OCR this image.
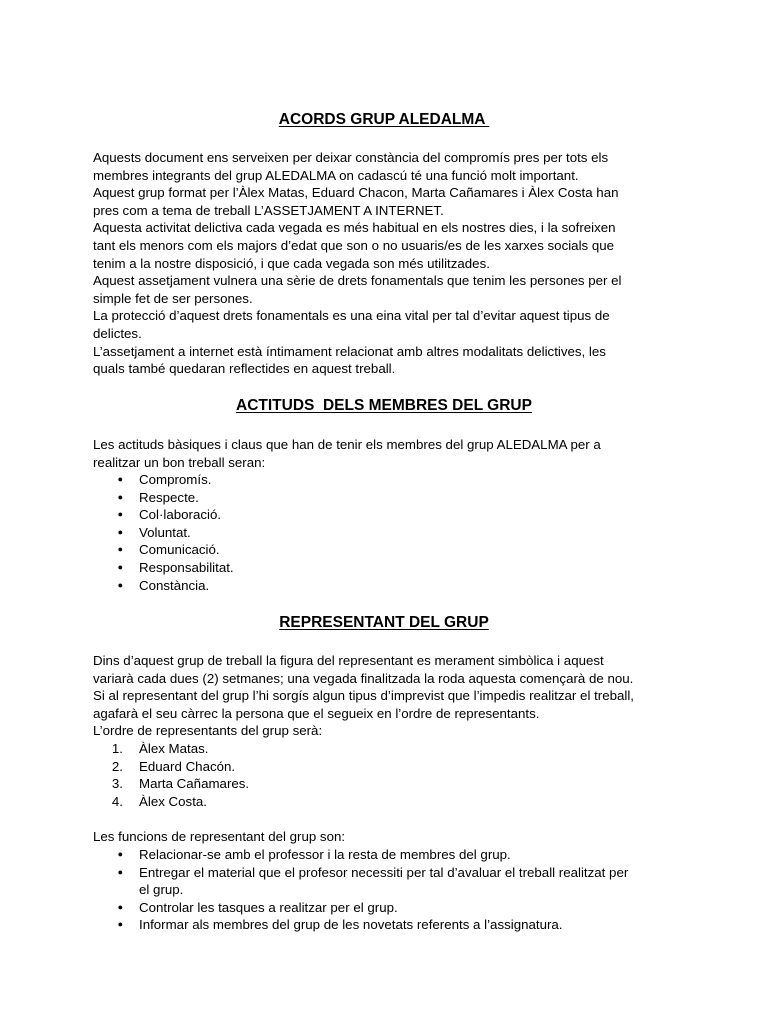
ACORDS GRUP ALEDALMA

Aquests document ens serveixen per deixar constància del compromís pres per tots els

membres integrants del grup ALEDALMA on cadascú té una funció molt important.

Aquest grup format per l’Àlex Matas, Eduard Chacon, Marta Cañamares i Àlex Costa han

pres com a tema de treball L’ASSETJAMENT A INTERNET.

Aquesta activitat delictiva cada vegada es més habitual en els nostres dies, i la sofreixen

tant els menors com els majors d’edat que son o no usuaris/es de les xarxes socials que

tenim a la nostre disposició, i que cada vegada son més utilitzades.

Aquest assetjament vulnera una sèrie de drets fonamentals que tenim les persones per el

simple fet de ser persones.

La protecció d’aquest drets fonamentals es una eina vital per tal d’evitar aquest tipus de

delictes.

L’assetjament a internet està íntimament relacionat amb altres modalitats delictives, les

quals també quedaran reflectides en aquest treball.

ACTITUDS  DELS MEMBRES DEL GRUP

Les actituds bàsiques i claus que han de tenir els membres del grup ALEDALMA per a

realitzar un bon treball seran:

● Compromís.
● Respecte.
● Col·laboració.
● Voluntat.
● Comunicació.
● Responsabilitat.
● Constància.
REPRESENTANT DEL GRUP

Dins d’aquest grup de treball la figura del representant es merament simbòlica i aquest

variarà cada dues (2) setmanes; una vegada finalitzada la roda aquesta començarà de nou.

Si al representant del grup l’hi sorgís algun tipus d’imprevist que l’impedis realitzar el treball,

agafarà el seu càrrec la persona que el segueix en l’ordre de representants.

L’ordre de representants del grup serà:

1. Àlex Matas.
2. Eduard Chacón.
3. Marta Cañamares.
4. Àlex Costa.

Les funcions de representant del grup son:

● Relacionar-se amb el professor i la resta de membres del grup.
● Entregar el material que el profesor necessiti per tal d’avaluar el treball realitzat per
el grup.
● Controlar les tasques a realitzar per el grup.
● Informar als membres del grup de les novetats referents a l’assignatura.
